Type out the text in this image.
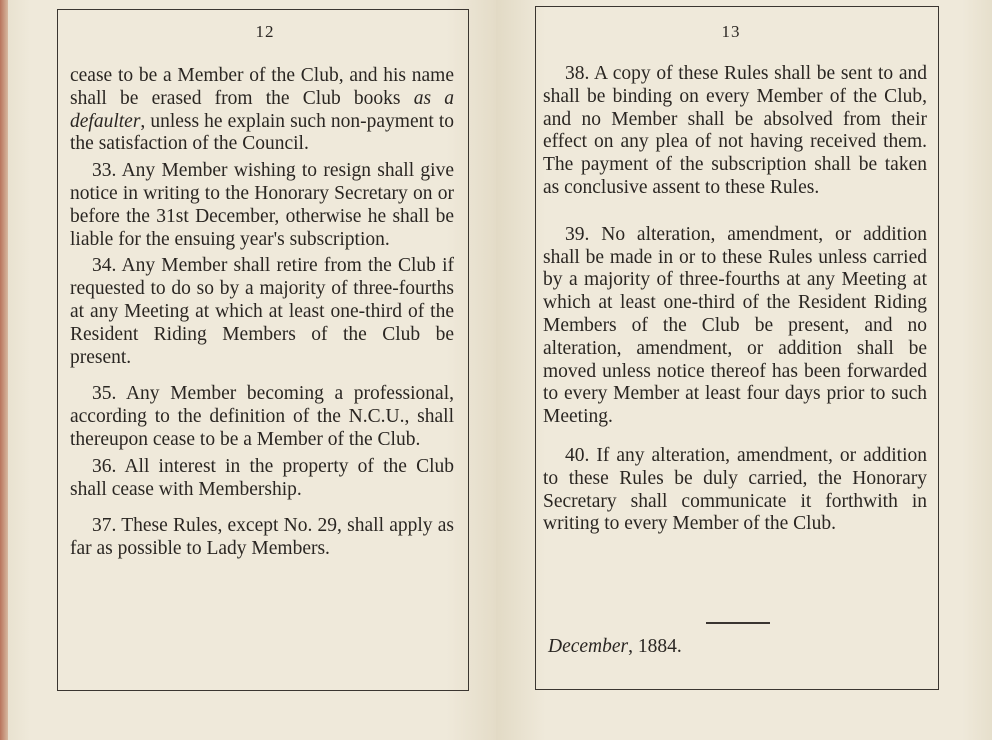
12

cease to be a Member of the Club, and his name shall be erased from the Club books as a defaulter, unless he explain such non-payment to the satisfaction of the Council.

33. Any Member wishing to resign shall give notice in writing to the Honorary Secretary on or before the 31st December, otherwise he shall be liable for the ensuing year's subscription.

34. Any Member shall retire from the Club if requested to do so by a majority of three-fourths at any Meeting at which at least one-third of the Resident Riding Members of the Club be present.

35. Any Member becoming a professional, according to the definition of the N.C.U., shall thereupon cease to be a Member of the Club.

36. All interest in the property of the Club shall cease with Membership.

37. These Rules, except No. 29, shall apply as far as possible to Lady Members.

13

38. A copy of these Rules shall be sent to and shall be binding on every Member of the Club, and no Member shall be absolved from their effect on any plea of not having received them. The payment of the subscription shall be taken as conclusive assent to these Rules.

39. No alteration, amendment, or addition shall be made in or to these Rules unless carried by a majority of three-fourths at any Meeting at which at least one-third of the Resident Riding Members of the Club be present, and no alteration, amendment, or addition shall be moved unless notice thereof has been forwarded to every Member at least four days prior to such Meeting.

40. If any alteration, amendment, or addition to these Rules be duly carried, the Honorary Secretary shall communicate it forthwith in writing to every Member of the Club.

December, 1884.
